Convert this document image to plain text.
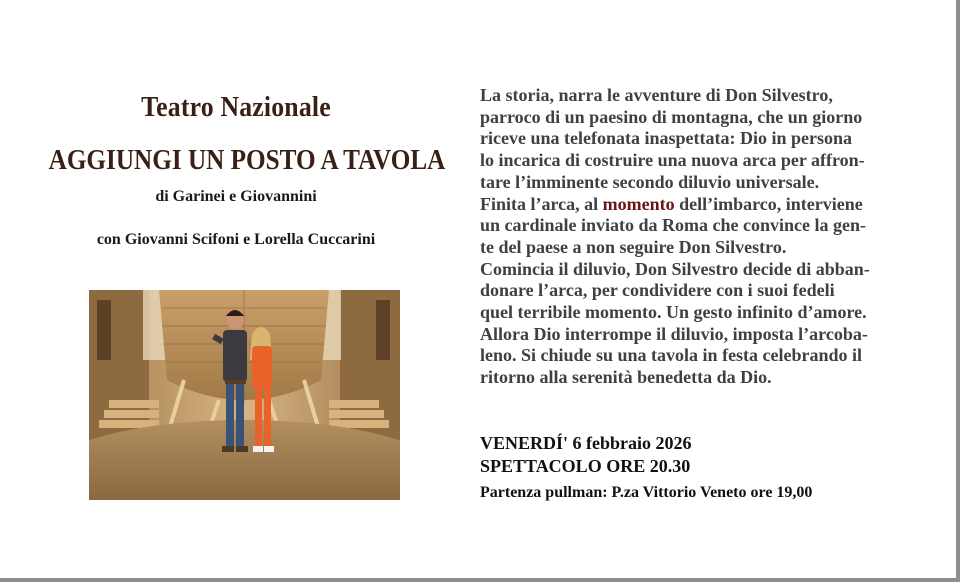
Teatro Nazionale
AGGIUNGI UN POSTO A TAVOLA
di Garinei e Giovannini
con Giovanni Scifoni e Lorella Cuccarini
La storia, narra le avventure di Don Silvestro,
parroco di un paesino di montagna, che un giorno
riceve una telefonata inaspettata: Dio in persona
lo incarica di costruire una nuova arca per affron-
tare l’imminente secondo diluvio universale.
Finita l’arca, al momento dell’imbarco, interviene
un cardinale inviato da Roma che convince la gen-
te del paese a non seguire Don Silvestro.
Comincia il diluvio, Don Silvestro decide di abban-
donare l’arca, per condividere con i suoi fedeli
quel terribile momento. Un gesto infinito d’amore.
Allora Dio interrompe il diluvio, imposta l’arcoba-
leno. Si chiude su una tavola in festa celebrando il
ritorno alla serenità benedetta da Dio.
VENERDÍ' 6 febbraio 2026
SPETTACOLO ORE 20.30
Partenza pullman: P.za Vittorio Veneto ore 19,00
